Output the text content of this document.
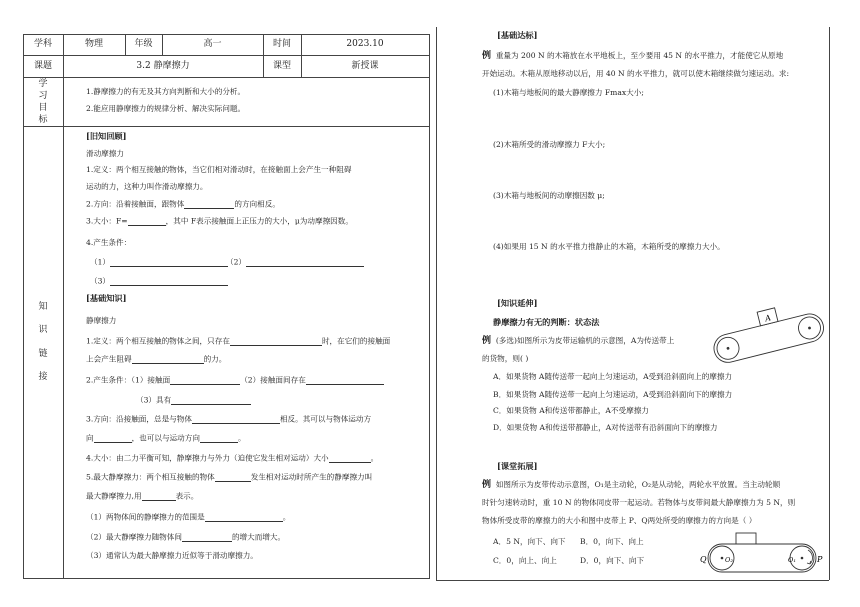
学科	物理	年级	高一	时间	2023.10
课题	3.2 静摩擦力	课型	新授课
学
习
目
标
1.静摩擦力的有无及其方向判断和大小的分析。
2.能应用静摩擦力的规律分析、解决实际问题。
知
识
链
接
[旧知回顾]
滑动摩擦力
1.定义：两个相互接触的物体，当它们相对滑动时，在接触面上会产生一种阻碍
运动的力，这种力叫作滑动摩擦力。
2.方向：沿着接触面，跟物体	的方向相反。
3.大小：F=	，其中 F表示接触面上正压力的大小，μ为动摩擦因数。
4.产生条件：
（1）	（2）
（3）
[基础知识]
静摩擦力
1.定义：两个相互接触的物体之间，只存在	时，在它们的接触面
上会产生阻碍	的力。
2.产生条件：（1）接触面	（2）接触面间存在
（3）具有
3.方向：沿接触面，总是与物体	相反。其可以与物体运动方
向	，也可以与运动方向	。
4.大小：由二力平衡可知，静摩擦力与外力（迫使它发生相对运动）大小	。
5.最大静摩擦力：两个相互接触的物体	发生相对运动时所产生的静摩擦力叫
最大静摩擦力,用	表示。
（1）两物体间的静摩擦力的范围是	。
（2）最大静摩擦力随物体间	的增大而增大。
（3）通常认为最大静摩擦力近似等于滑动摩擦力。
[基础达标]
例 重量为 200 N 的木箱放在水平地板上，至少要用 45 N 的水平推力，才能使它从原地
开始运动。木箱从原地移动以后，用 40 N 的水平推力，就可以使木箱继续做匀速运动。求:
(1)木箱与地板间的最大静摩擦力 Fmax大小;
(2)木箱所受的滑动摩擦力 F大小;
(3)木箱与地板间的动摩擦因数 μ;
(4)如果用 15 N 的水平推力推静止的木箱，木箱所受的摩擦力大小。
[知识延伸]
静摩擦力有无的判断：状态法
例 (多选)如图所示为皮带运输机的示意图，A为传送带上
的货物，则( )
A．如果货物 A随传送带一起向上匀速运动，A受到沿斜面向上的摩擦力
B．如果货物 A随传送带一起向上匀速运动，A受到沿斜面向下的摩擦力
C．如果货物 A和传送带都静止，A不受摩擦力
D．如果货物 A和传送带都静止，A对传送带有沿斜面向下的摩擦力
A
[课堂拓展]
例 如图所示为皮带传动示意图，O₁是主动轮，O₂是从动轮，两轮水平放置。当主动轮顺
时针匀速转动时，重 10 N 的物体同皮带一起运动。若物体与皮带间最大静摩擦力为 5 N，则
物体所受皮带的摩擦力的大小和图中皮带上 P、Q两处所受的摩擦力的方向是（ ）
A．5 N，向下、向下 B．0，向下、向上
C．0，向上、向上	D．0，向下、向下	Q	O₂	O₁	P
